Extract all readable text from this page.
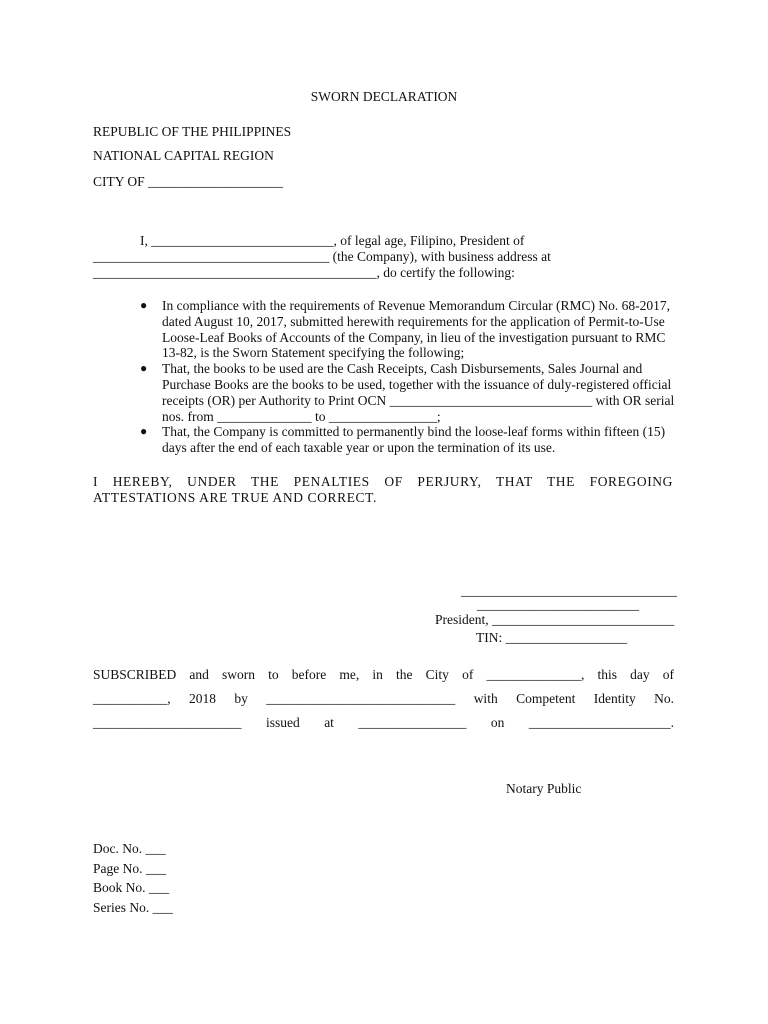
SWORN DECLARATION
REPUBLIC OF THE PHILIPPINES
NATIONAL CAPITAL REGION
CITY OF ____________________
I, ___________________________, of legal age, Filipino, President of
___________________________________ (the Company), with business address at
__________________________________________, do certify the following:
● In compliance with the requirements of Revenue Memorandum Circular (RMC) No. 68-2017, dated August 10, 2017, submitted herewith requirements for the application of Permit-to-Use Loose-Leaf Books of Accounts of the Company, in lieu of the investigation pursuant to RMC 13-82, is the Sworn Statement specifying the following;
● That, the books to be used are the Cash Receipts, Cash Disbursements, Sales Journal and Purchase Books are the books to be used, together with the issuance of duly-registered official receipts (OR) per Authority to Print OCN ______________________________ with OR serial nos. from ______________ to ________________;
● That, the Company is committed to permanently bind the loose-leaf forms within fifteen (15) days after the end of each taxable year or upon the termination of its use.
I HEREBY, UNDER THE PENALTIES OF PERJURY, THAT THE FOREGOING ATTESTATIONS ARE TRUE AND CORRECT.
________________________________
________________________
President, ___________________________
TIN: __________________
SUBSCRIBED and sworn to before me, in the City of ______________, this day of
___________, 2018 by ____________________________ with Competent Identity No.
______________________ issued at ________________ on _____________________.
Notary Public
Doc. No. ___
Page No. ___
Book No. ___
Series No. ___
